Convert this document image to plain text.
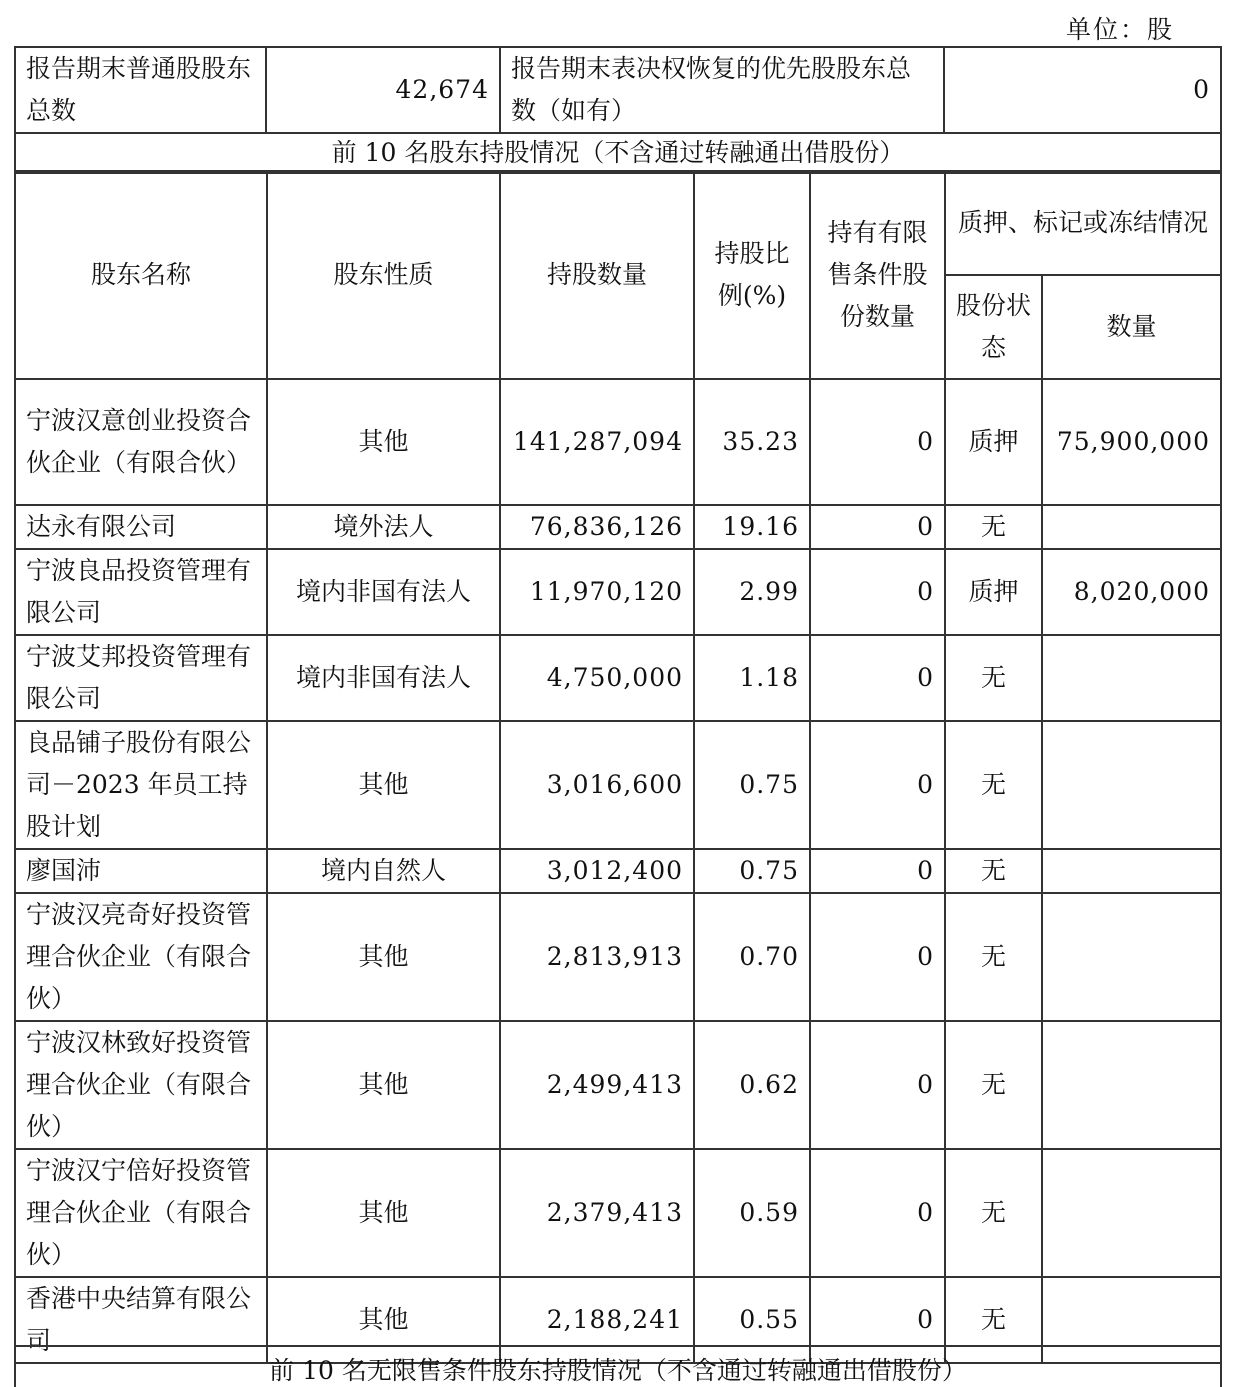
单位：股
报告期末普通股股东总数	42,674	报告期末表决权恢复的优先股股东总数（如有）	0
前 10 名股东持股情况（不含通过转融通出借股份）
股东名称	股东性质	持股数量	持股比例(%)	持有有限售条件股份数量	质押、标记或冻结情况	
					股份状态	数量
宁波汉意创业投资合伙企业（有限合伙）	其他	141,287,094	35.23	0	质押	75,900,000
达永有限公司	境外法人	76,836,126	19.16	0	无	
宁波良品投资管理有限公司	境内非国有法人	11,970,120	2.99	0	质押	8,020,000
宁波艾邦投资管理有限公司	境内非国有法人	4,750,000	1.18	0	无	
良品铺子股份有限公司－2023 年员工持股计划	其他	3,016,600	0.75	0	无	
廖国沛	境内自然人	3,012,400	0.75	0	无	
宁波汉亮奇好投资管理合伙企业（有限合伙）	其他	2,813,913	0.70	0	无	
宁波汉林致好投资管理合伙企业（有限合伙）	其他	2,499,413	0.62	0	无	
宁波汉宁倍好投资管理合伙企业（有限合伙）	其他	2,379,413	0.59	0	无	
香港中央结算有限公司	其他	2,188,241	0.55	0	无	
前 10 名无限售条件股东持股情况（不含通过转融通出借股份）
